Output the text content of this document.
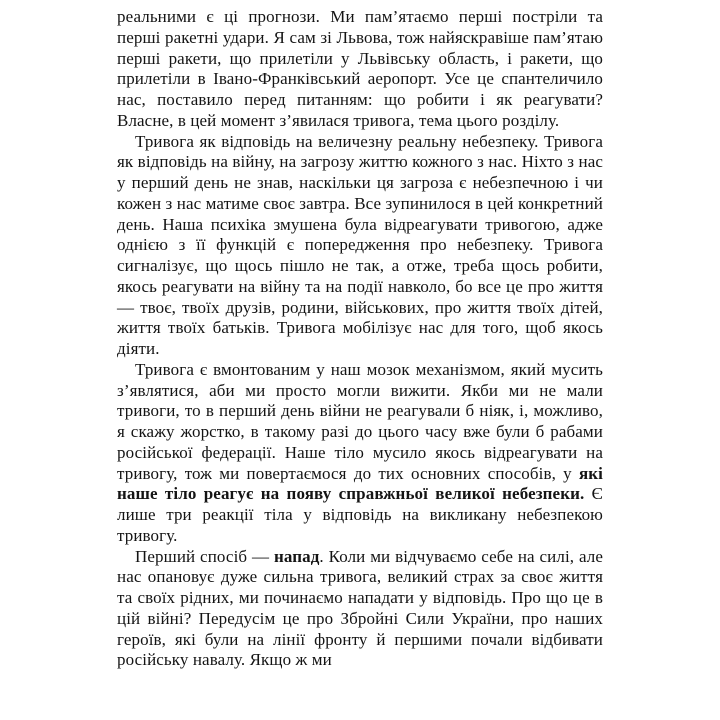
реальними є ці прогнози. Ми пам’ятаємо перші постріли та перші ракетні удари. Я сам зі Львова, тож найяскравіше пам’ятаю перші ракети, що прилетіли у Львівську область, і ракети, що прилетіли в Івано-Франківський аеропорт. Усе це спантеличило нас, поставило перед питанням: що робити і як реагувати? Власне, в цей момент з’явилася тривога, тема цього розділу.

Тривога як відповідь на величезну реальну небезпеку. Тривога як відповідь на війну, на загрозу життю кожного з нас. Ніхто з нас у перший день не знав, наскільки ця загроза є небезпечною і чи кожен з нас матиме своє завтра. Все зупинилося в цей конкретний день. Наша психіка змушена була відреагувати тривогою, адже однією з її функцій є попередження про небезпеку. Тривога сигналізує, що щось пішло не так, а отже, треба щось робити, якось реагувати на війну та на події навколо, бо все це про життя — твоє, твоїх друзів, родини, військових, про життя твоїх дітей, життя твоїх батьків. Тривога мобілізує нас для того, щоб якось діяти.

Тривога є вмонтованим у наш мозок механізмом, який мусить з’являтися, аби ми просто могли вижити. Якби ми не мали тривоги, то в перший день війни не реагували б ніяк, і, можливо, я скажу жорстко, в такому разі до цього часу вже були б рабами російської федерації. Наше тіло мусило якось відреагувати на тривогу, тож ми повертаємося до тих основних способів, у які наше тіло реагує на появу справжньої великої небезпеки. Є лише три реакції тіла у відповідь на викликану небезпекою тривогу.

Перший спосіб — напад. Коли ми відчуваємо себе на силі, але нас опановує дуже сильна тривога, великий страх за своє життя та своїх рідних, ми починаємо нападати у відповідь. Про що це в цій війні? Передусім це про Збройні Сили України, про наших героїв, які були на лінії фронту й першими почали відбивати російську навалу. Якщо ж ми
